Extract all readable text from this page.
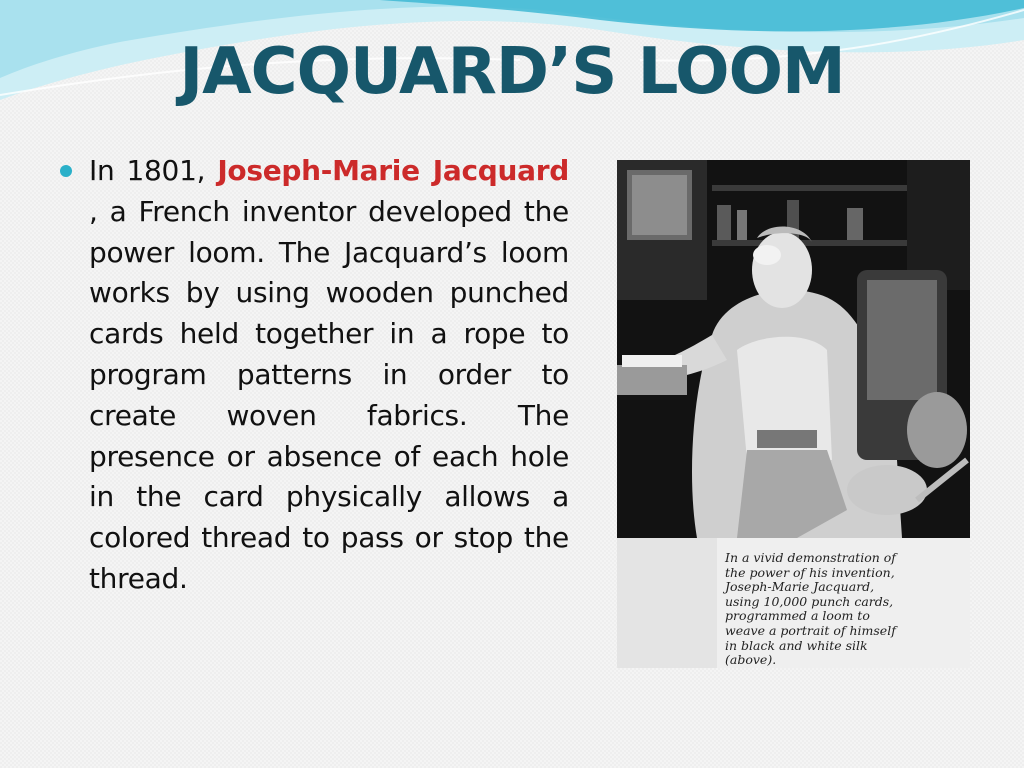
JACQUARD’S LOOM
In 1801, Joseph-Marie Jacquard , a French inventor developed the power loom. The Jacquard’s loom works by using wooden punched cards held together in a rope to program patterns in order to create woven fabrics. The presence or absence of each hole in the card physically allows a colored thread to pass or stop the thread.
In a vivid demonstration of
the power of his invention,
Joseph-Marie Jacquard,
using 10,000 punch cards,
programmed a loom to
weave a portrait of himself
in black and white silk
(above).
